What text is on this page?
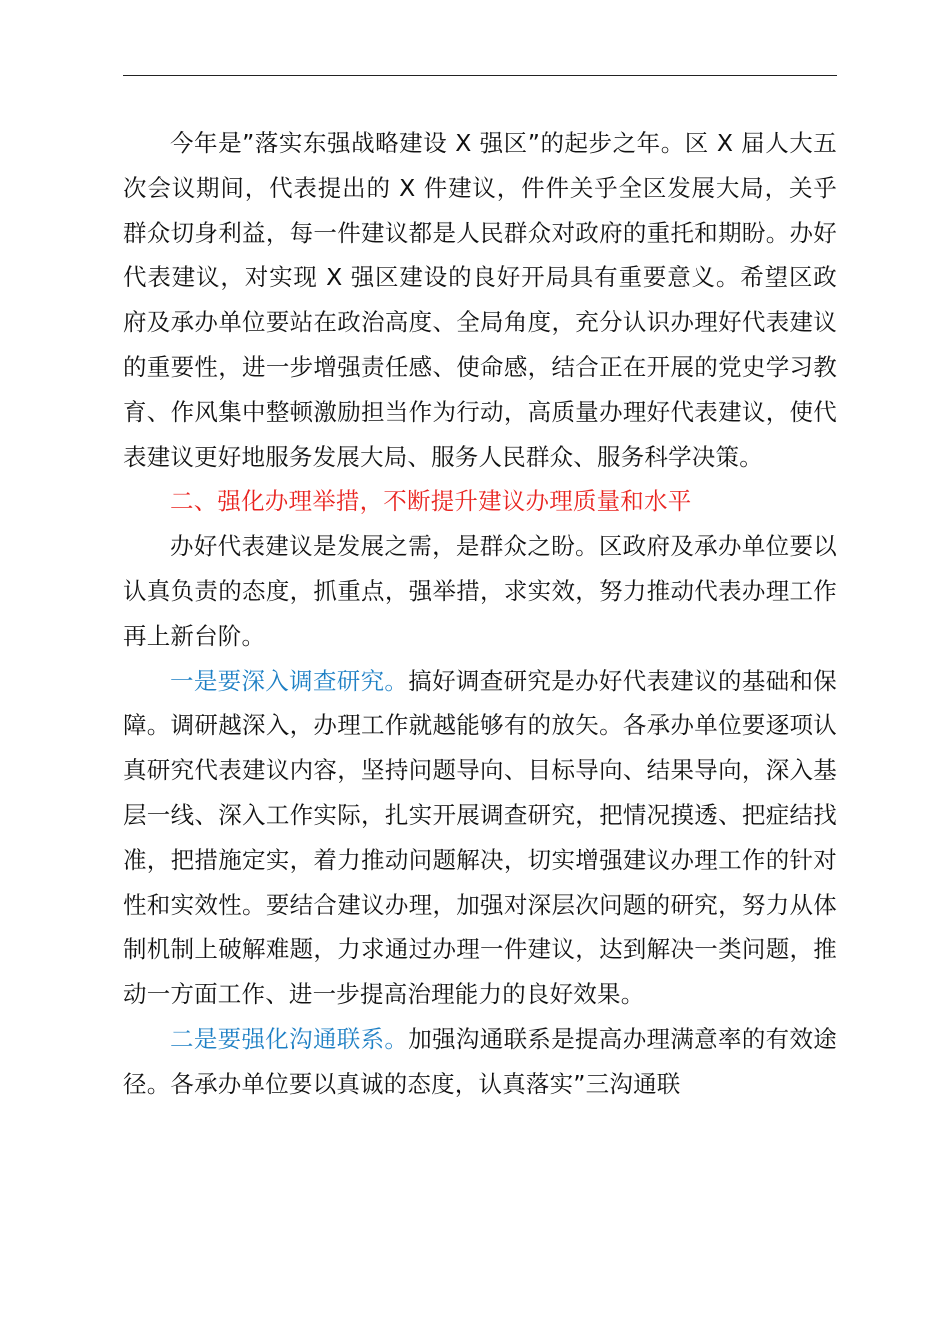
今年是”落实东强战略建设 X 强区”的起步之年。区 X 届人大五次会议期间，代表提出的 X 件建议，件件关乎全区发展大局，关乎群众切身利益，每一件建议都是人民群众对政府的重托和期盼。办好代表建议，对实现 X 强区建设的良好开局具有重要意义。希望区政府及承办单位要站在政治高度、全局角度，充分认识办理好代表建议的重要性，进一步增强责任感、使命感，结合正在开展的党史学习教育、作风集中整顿激励担当作为行动，高质量办理好代表建议，使代表建议更好地服务发展大局、服务人民群众、服务科学决策。

二、强化办理举措，不断提升建议办理质量和水平

办好代表建议是发展之需，是群众之盼。区政府及承办单位要以认真负责的态度，抓重点，强举措，求实效，努力推动代表办理工作再上新台阶。

一是要深入调查研究。搞好调查研究是办好代表建议的基础和保障。调研越深入，办理工作就越能够有的放矢。各承办单位要逐项认真研究代表建议内容，坚持问题导向、目标导向、结果导向，深入基层一线、深入工作实际，扎实开展调查研究，把情况摸透、把症结找准，把措施定实，着力推动问题解决，切实增强建议办理工作的针对性和实效性。要结合建议办理，加强对深层次问题的研究，努力从体制机制上破解难题，力求通过办理一件建议，达到解决一类问题，推动一方面工作、进一步提高治理能力的良好效果。

二是要强化沟通联系。加强沟通联系是提高办理满意率的有效途径。各承办单位要以真诚的态度，认真落实”三沟通联
